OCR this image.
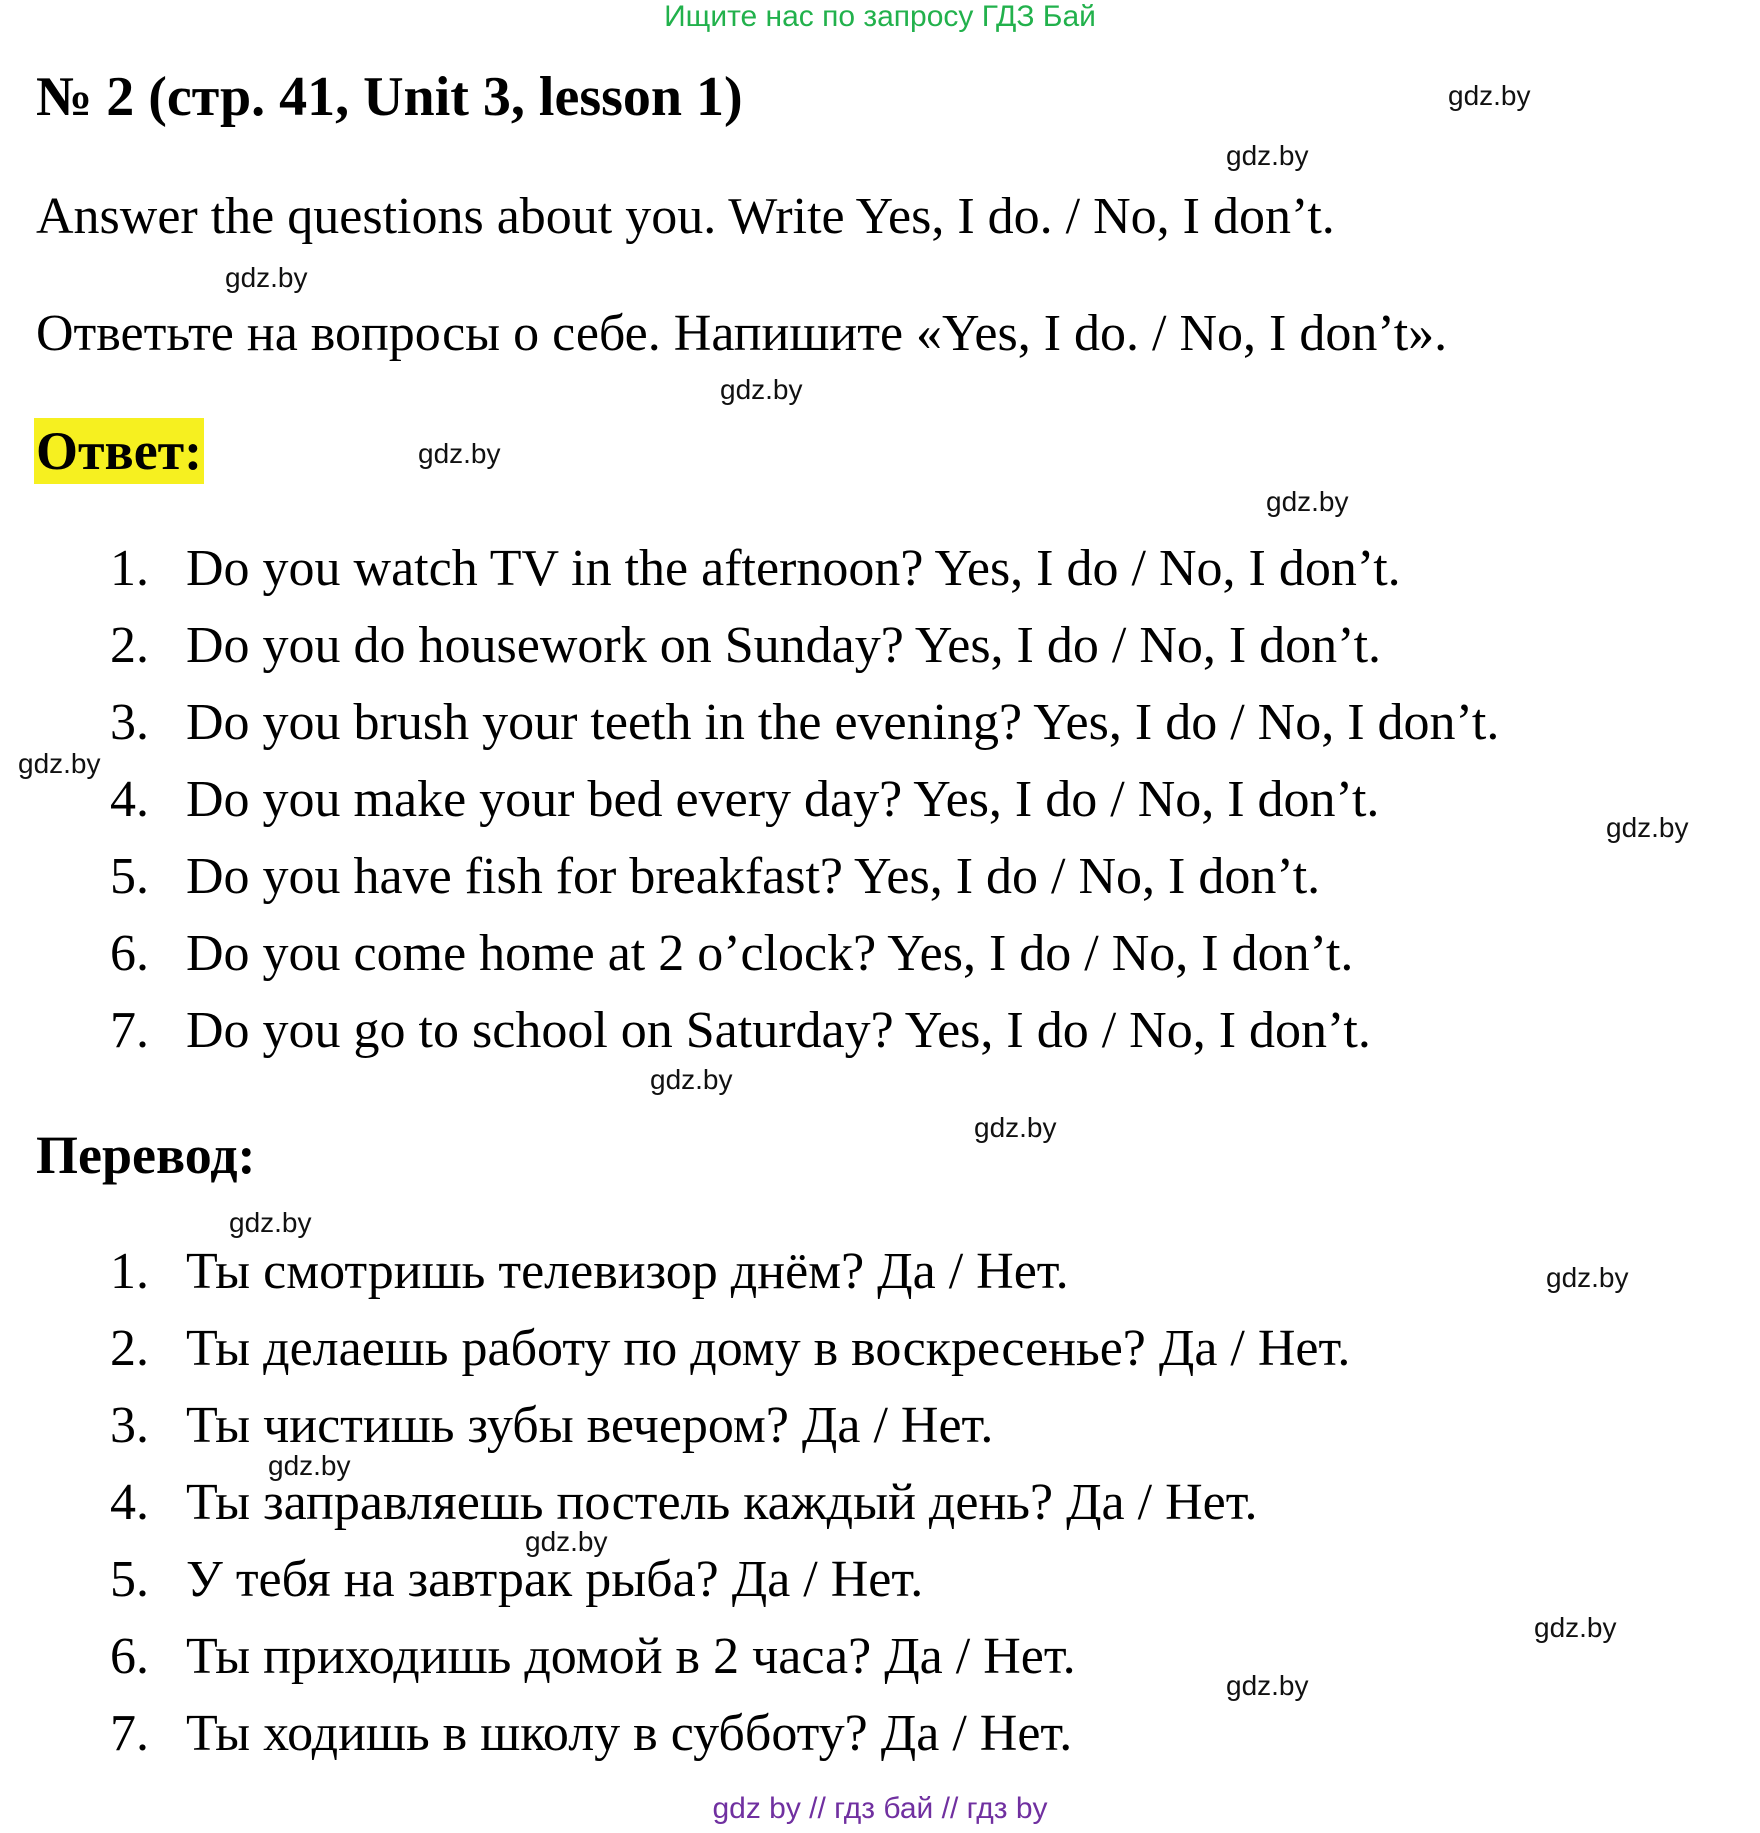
Ищите нас по запросу ГДЗ Бай
№ 2 (стр. 41, Unit 3, lesson 1)
Answer the questions about you. Write Yes, I do. / No, I don’t.
Ответьте на вопросы о себе. Напишите «Yes, I do. / No, I don’t».
Ответ:
1. Do you watch TV in the afternoon? Yes, I do / No, I don’t.
2. Do you do housework on Sunday? Yes, I do / No, I don’t.
3. Do you brush your teeth in the evening? Yes, I do / No, I don’t.
4. Do you make your bed every day? Yes, I do / No, I don’t.
5. Do you have fish for breakfast? Yes, I do / No, I don’t.
6. Do you come home at 2 o’clock? Yes, I do / No, I don’t.
7. Do you go to school on Saturday? Yes, I do / No, I don’t.
Перевод:
1. Ты смотришь телевизор днём? Да / Нет.
2. Ты делаешь работу по дому в воскресенье? Да / Нет.
3. Ты чистишь зубы вечером? Да / Нет.
4. Ты заправляешь постель каждый день? Да / Нет.
5. У тебя на завтрак рыба? Да / Нет.
6. Ты приходишь домой в 2 часа? Да / Нет.
7. Ты ходишь в школу в субботу? Да / Нет.
gdz.by
gdz.by
gdz.by
gdz.by
gdz.by
gdz.by
gdz.by
gdz.by
gdz.by
gdz.by
gdz.by
gdz.by
gdz.by
gdz.by
gdz.by
gdz.by
gdz by // гдз бай // гдз by
